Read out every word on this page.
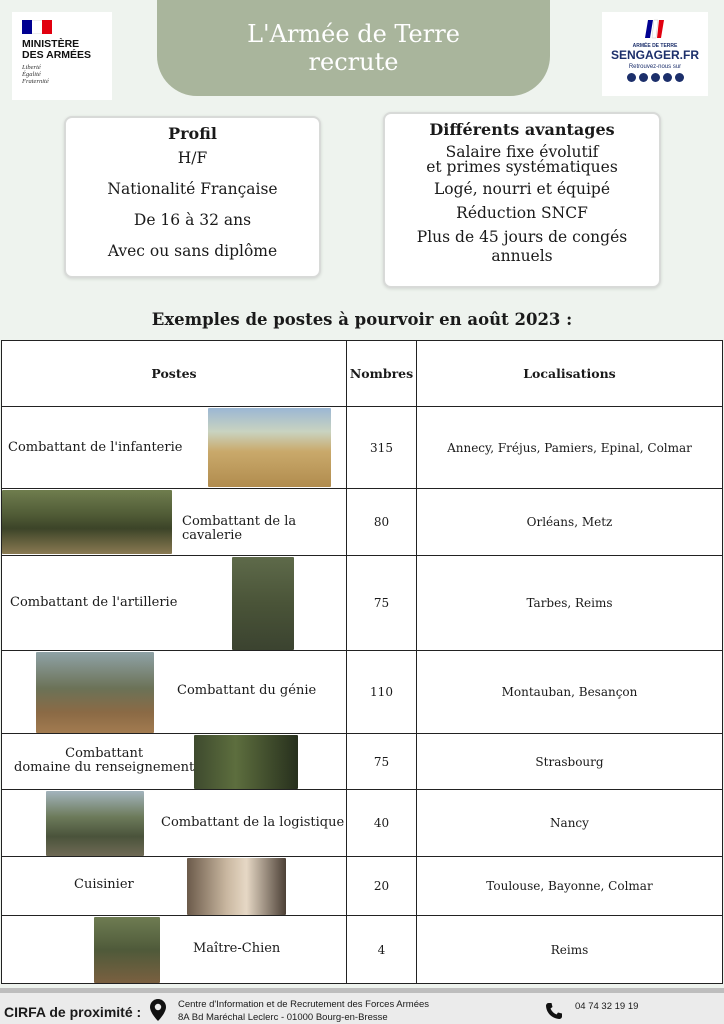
MINISTÈRE
DES ARMÉES
Liberté
Égalité
Fraternité
L'Armée de Terre
recrute
ARMÉE DE TERRE
SENGAGER.FR
Retrouvez-nous sur
Profil
H/F
Nationalité Française
De 16 à 32 ans
Avec ou sans diplôme
Différents avantages
Salaire fixe évolutif
et primes systématiques
Logé, nourri et équipé
Réduction SNCF
Plus de 45 jours de congés annuels
Exemples de postes à pourvoir en août 2023 :
Postes	Nombres	Localisations

Combattant de l'infanterie	315	Annecy, Fréjus, Pamiers, Epinal, Colmar

Combattant de la cavalerie	80	Orléans, Metz

Combattant de l'artillerie	75	Tarbes, Reims

Combattant du génie	110	Montauban, Besançon

Combattant
domaine du renseignement	75	Strasbourg

Combattant de la logistique	40	Nancy

Cuisinier	20	Toulouse, Bayonne, Colmar

Maître-Chien	4	Reims
CIRFA de proximité :	Centre d'Information et de Recrutement des Forces Armées
8A Bd Maréchal Leclerc - 01000 Bourg-en-Bresse
04 74 32 19 19
